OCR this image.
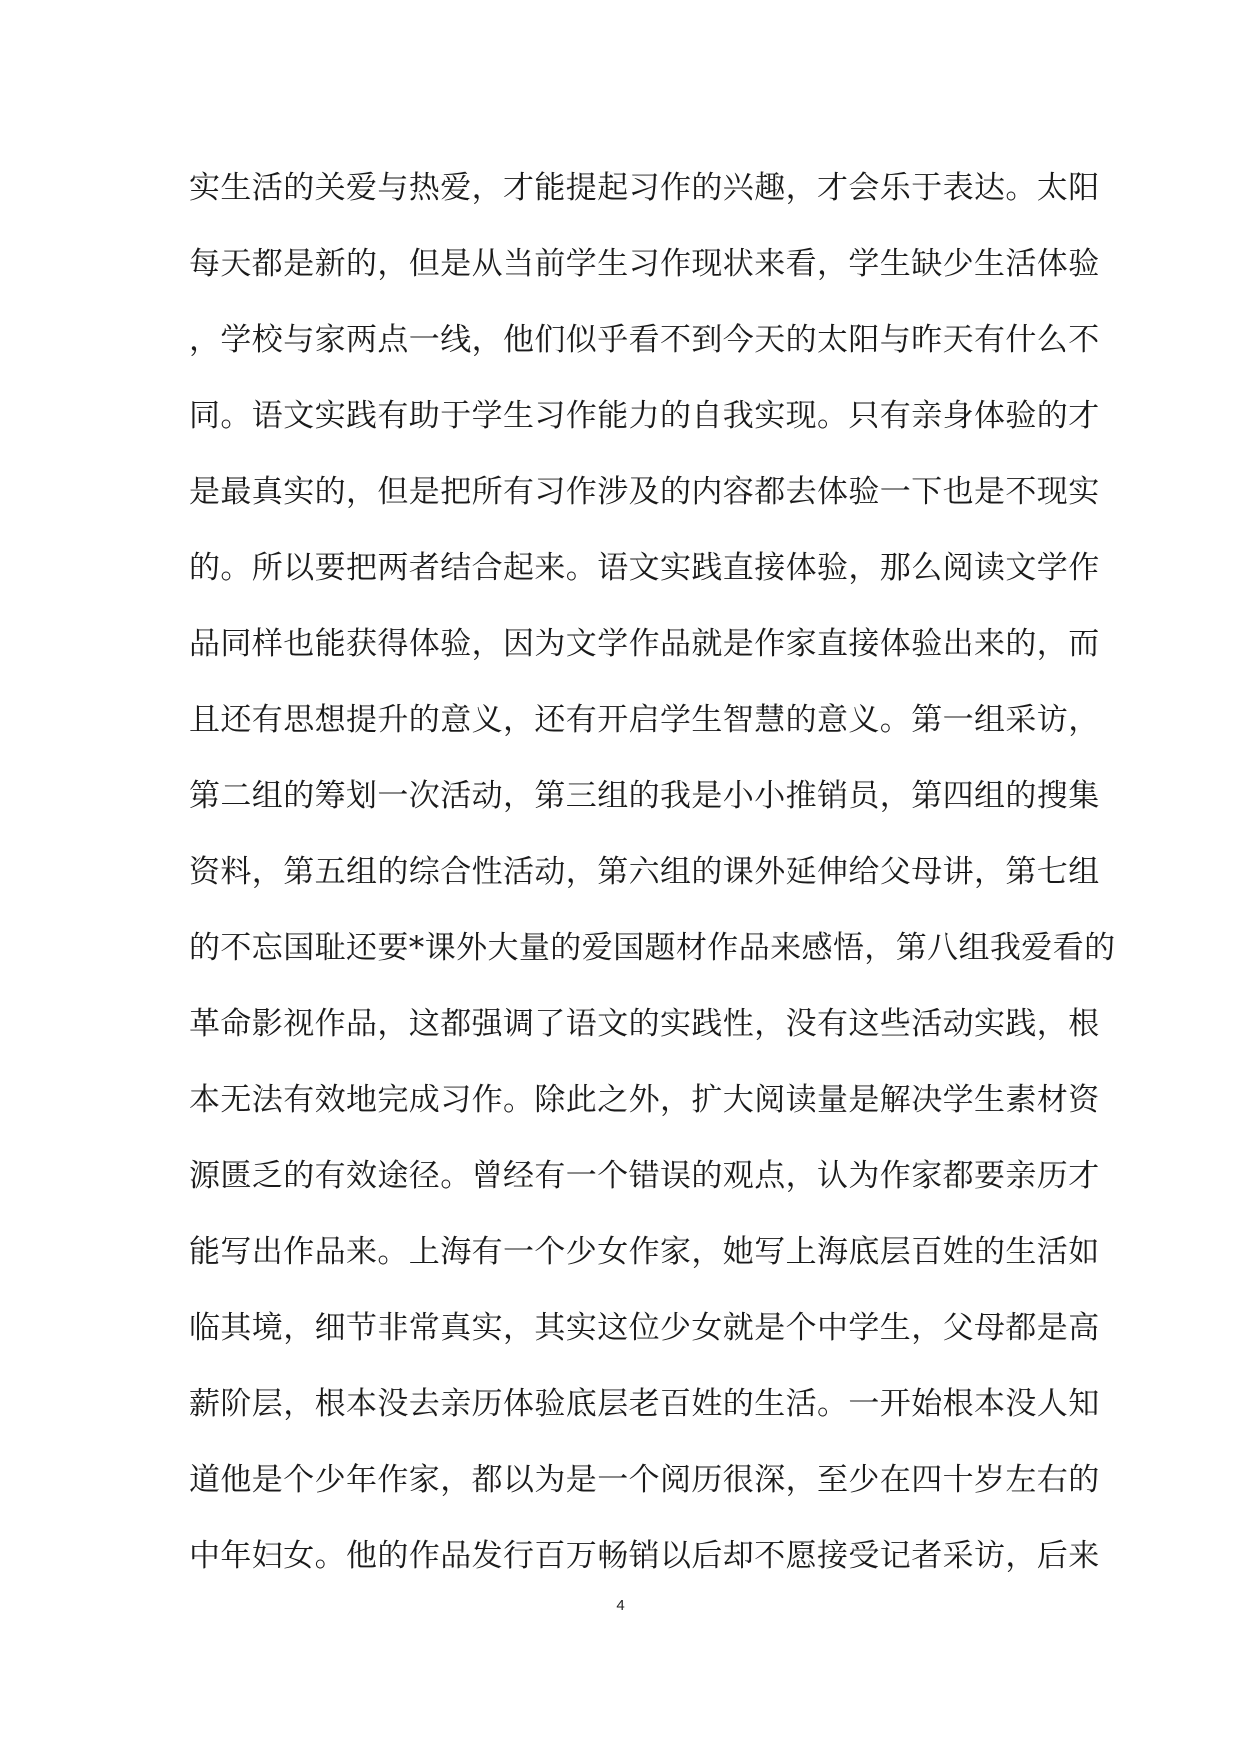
实生活的关爱与热爱，才能提起习作的兴趣，才会乐于表达。太阳
每天都是新的，但是从当前学生习作现状来看，学生缺少生活体验
，学校与家两点一线，他们似乎看不到今天的太阳与昨天有什么不
同。语文实践有助于学生习作能力的自我实现。只有亲身体验的才
是最真实的，但是把所有习作涉及的内容都去体验一下也是不现实
的。所以要把两者结合起来。语文实践直接体验，那么阅读文学作
品同样也能获得体验，因为文学作品就是作家直接体验出来的，而
且还有思想提升的意义，还有开启学生智慧的意义。第一组采访，
第二组的筹划一次活动，第三组的我是小小推销员，第四组的搜集
资料，第五组的综合性活动，第六组的课外延伸给父母讲，第七组
的不忘国耻还要*课外大量的爱国题材作品来感悟，第八组我爱看的
革命影视作品，这都强调了语文的实践性，没有这些活动实践，根
本无法有效地完成习作。除此之外，扩大阅读量是解决学生素材资
源匮乏的有效途径。曾经有一个错误的观点，认为作家都要亲历才
能写出作品来。上海有一个少女作家，她写上海底层百姓的生活如
临其境，细节非常真实，其实这位少女就是个中学生，父母都是高
薪阶层，根本没去亲历体验底层老百姓的生活。一开始根本没人知
道他是个少年作家，都以为是一个阅历很深，至少在四十岁左右的
中年妇女。他的作品发行百万畅销以后却不愿接受记者采访，后来
4
